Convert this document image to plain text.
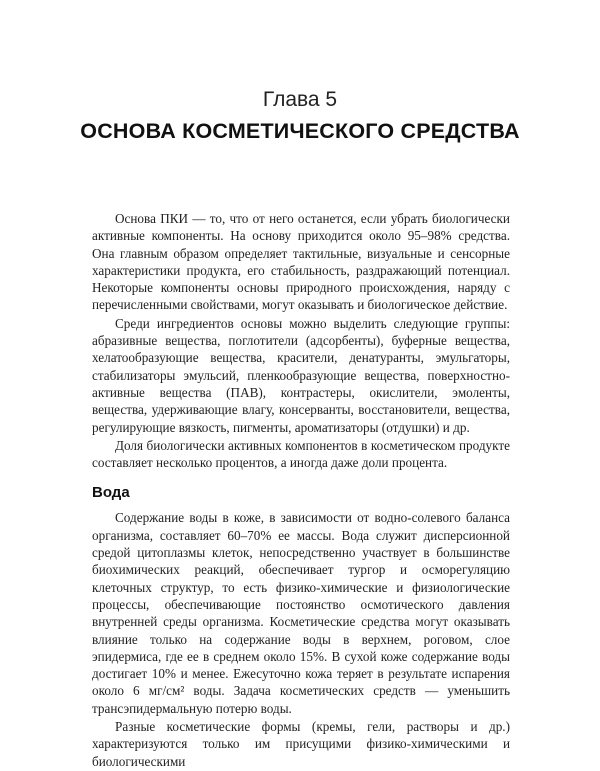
Глава 5
ОСНОВА КОСМЕТИЧЕСКОГО СРЕДСТВА

Основа ПКИ — то, что от него останется, если убрать биологически активные компоненты. На основу приходится около 95–98% средства. Она главным образом определяет тактильные, визуальные и сенсорные характеристики продукта, его стабильность, раздражающий потенциал. Некоторые компоненты основы природного происхождения, наряду с перечисленными свойствами, могут оказывать и биологическое действие.

Среди ингредиентов основы можно выделить следующие группы: абразивные вещества, поглотители (адсорбенты), буферные вещества, хелатообразующие вещества, красители, денатуранты, эмульгаторы, стабилизаторы эмульсий, пленкообразующие вещества, поверхностно-активные вещества (ПАВ), контрастеры, окислители, эмоленты, вещества, удерживающие влагу, консерванты, восстановители, вещества, регулирующие вязкость, пигменты, ароматизаторы (отдушки) и др.

Доля биологически активных компонентов в косметическом продукте составляет несколько процентов, а иногда даже доли процента.

Вода

Содержание воды в коже, в зависимости от водно-солевого баланса организма, составляет 60–70% ее массы. Вода служит дисперсионной средой цитоплазмы клеток, непосредственно участвует в большинстве биохимических реакций, обеспечивает тургор и осморегуляцию клеточных структур, то есть физико-химические и физиологические процессы, обеспечивающие постоянство осмотического давления внутренней среды организма. Косметические средства могут оказывать влияние только на содержание воды в верхнем, роговом, слое эпидермиса, где ее в среднем около 15%. В сухой коже содержание воды достигает 10% и менее. Ежесуточно кожа теряет в результате испарения около 6 мг/см² воды. Задача косметических средств — уменьшить трансэпидермальную потерю воды.

Разные косметические формы (кремы, гели, растворы и др.) характеризуются только им присущими физико-химическими и биологическими
